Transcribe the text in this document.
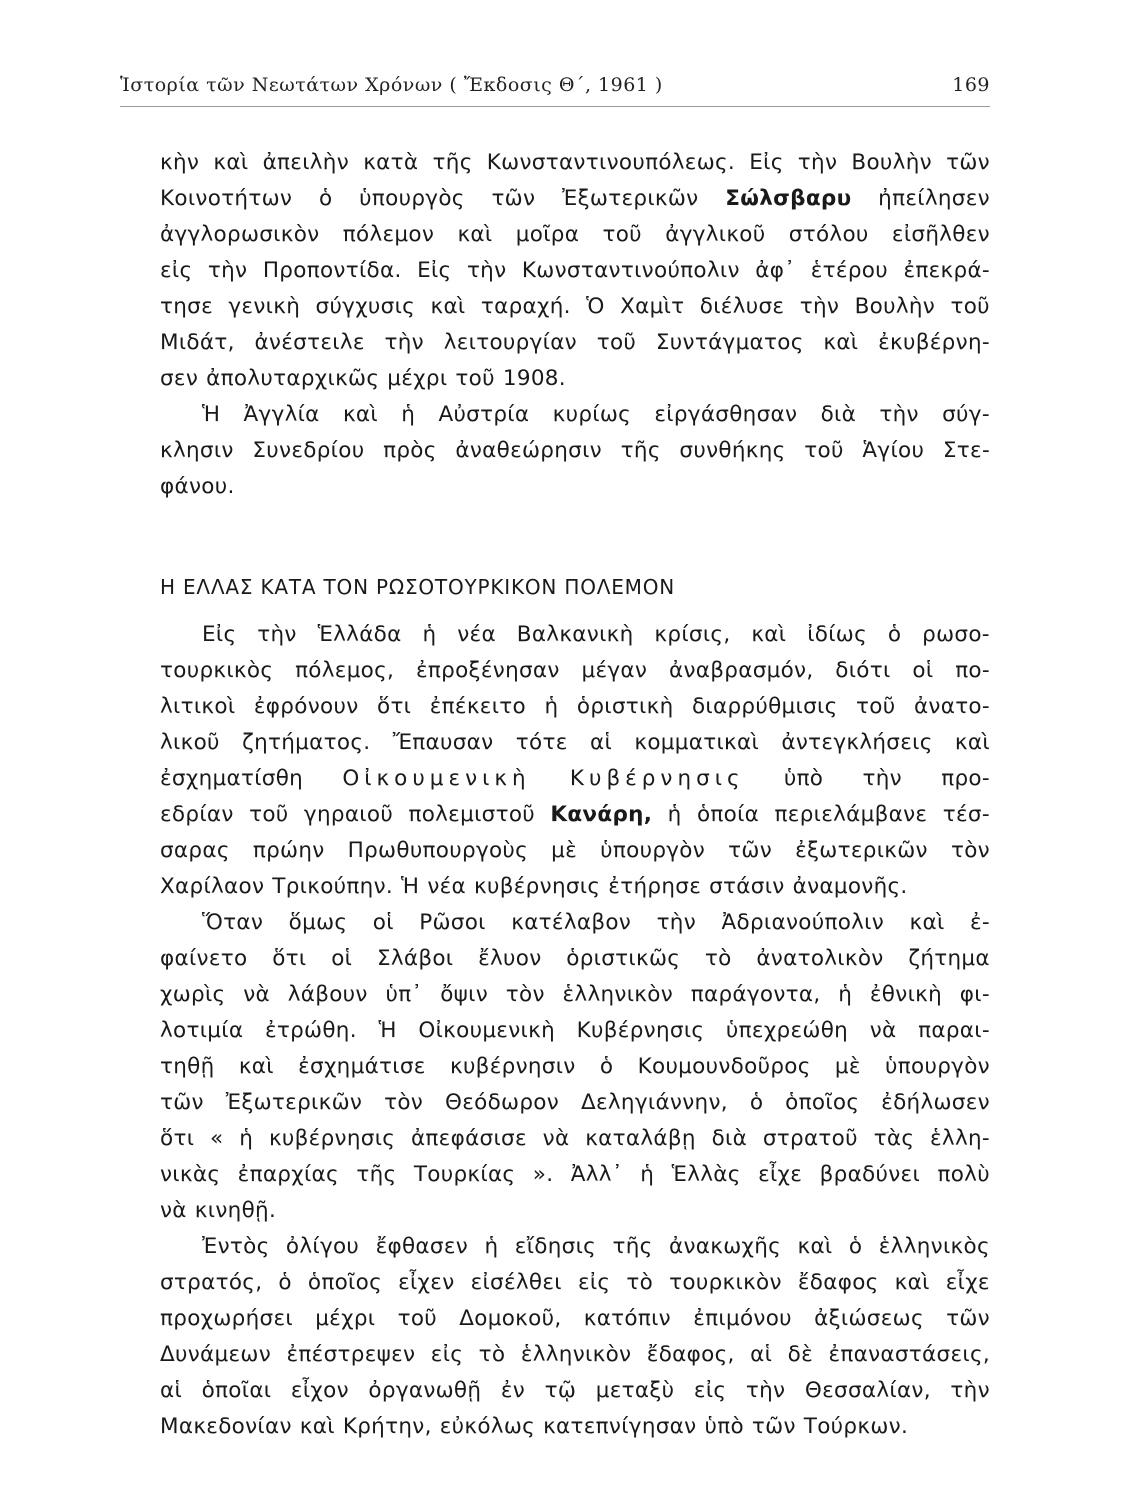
Ἱστορία τῶν Νεωτάτων Χρόνων ( Ἔκδοσις Θ΄, 1961 )	169
κὴν καὶ ἀπειλὴν κατὰ τῆς Κωνσταντινουπόλεως. Εἰς τὴν Βουλὴν τῶν
Κοινοτήτων ὁ ὑπουργὸς τῶν Ἐξωτερικῶν Σώλσβαρυ ἠπείλησεν
ἀγγλορωσικὸν πόλεμον καὶ μοῖρα τοῦ ἀγγλικοῦ στόλου εἰσῆλθεν
εἰς τὴν Προποντίδα. Εἰς τὴν Κωνσταντινούπολιν ἀφ᾽ ἑτέρου ἐπεκρά-
τησε γενικὴ σύγχυσις καὶ ταραχή. Ὁ Χαμὶτ διέλυσε τὴν Βουλὴν τοῦ
Μιδάτ, ἀνέστειλε τὴν λειτουργίαν τοῦ Συντάγματος καὶ ἐκυβέρνη-
σεν ἀπολυταρχικῶς μέχρι τοῦ 1908.
Ἡ Ἀγγλία καὶ ἡ Αὐστρία κυρίως εἰργάσθησαν διὰ τὴν σύγ-
κλησιν Συνεδρίου πρὸς ἀναθεώρησιν τῆς συνθήκης τοῦ Ἁγίου Στε-
φάνου.
Η ΕΛΛΑΣ ΚΑΤΑ ΤΟΝ ΡΩΣΟΤΟΥΡΚΙΚΟΝ ΠΟΛΕΜΟΝ
Εἰς τὴν Ἑλλάδα ἡ νέα Βαλκανικὴ κρίσις, καὶ ἰδίως ὁ ρωσο-
τουρκικὸς πόλεμος, ἐπροξένησαν μέγαν ἀναβρασμόν, διότι οἱ πο-
λιτικοὶ ἐφρόνουν ὅτι ἐπέκειτο ἡ ὁριστικὴ διαρρύθμισις τοῦ ἀνατο-
λικοῦ ζητήματος. Ἔπαυσαν τότε αἱ κομματικαὶ ἀντεγκλήσεις καὶ
ἐσχηματίσθη Οἰκουμενικὴ Κυβέρνησις ὑπὸ τὴν προ-
εδρίαν τοῦ γηραιοῦ πολεμιστοῦ Κανάρη, ἡ ὁποία περιελάμβανε τέσ-
σαρας πρώην Πρωθυπουργοὺς μὲ ὑπουργὸν τῶν ἐξωτερικῶν τὸν
Χαρίλαον Τρικούπην. Ἡ νέα κυβέρνησις ἐτήρησε στάσιν ἀναμονῆς.
Ὅταν ὅμως οἱ Ρῶσοι κατέλαβον τὴν Ἀδριανούπολιν καὶ ἐ-
φαίνετο ὅτι οἱ Σλάβοι ἔλυον ὁριστικῶς τὸ ἀνατολικὸν ζήτημα
χωρὶς νὰ λάβουν ὑπ᾽ ὄψιν τὸν ἑλληνικὸν παράγοντα, ἡ ἐθνικὴ φι-
λοτιμία ἐτρώθη. Ἡ Οἰκουμενικὴ Κυβέρνησις ὑπεχρεώθη νὰ παραι-
τηθῇ καὶ ἐσχημάτισε κυβέρνησιν ὁ Κουμουνδοῦρος μὲ ὑπουργὸν
τῶν Ἐξωτερικῶν τὸν Θεόδωρον Δεληγιάννην, ὁ ὁποῖος ἐδήλωσεν
ὅτι « ἡ κυβέρνησις ἀπεφάσισε νὰ καταλάβῃ διὰ στρατοῦ τὰς ἑλλη-
νικὰς ἐπαρχίας τῆς Τουρκίας ». Ἀλλ᾽ ἡ Ἑλλὰς εἶχε βραδύνει πολὺ
νὰ κινηθῇ.
Ἐντὸς ὀλίγου ἔφθασεν ἡ εἴδησις τῆς ἀνακωχῆς καὶ ὁ ἑλληνικὸς
στρατός, ὁ ὁποῖος εἶχεν εἰσέλθει εἰς τὸ τουρκικὸν ἔδαφος καὶ εἶχε
προχωρήσει μέχρι τοῦ Δομοκοῦ, κατόπιν ἐπιμόνου ἀξιώσεως τῶν
Δυνάμεων ἐπέστρεψεν εἰς τὸ ἑλληνικὸν ἔδαφος, αἱ δὲ ἐπαναστάσεις,
αἱ ὁποῖαι εἶχον ὀργανωθῇ ἐν τῷ μεταξὺ εἰς τὴν Θεσσαλίαν, τὴν
Μακεδονίαν καὶ Κρήτην, εὐκόλως κατεπνίγησαν ὑπὸ τῶν Τούρκων.
